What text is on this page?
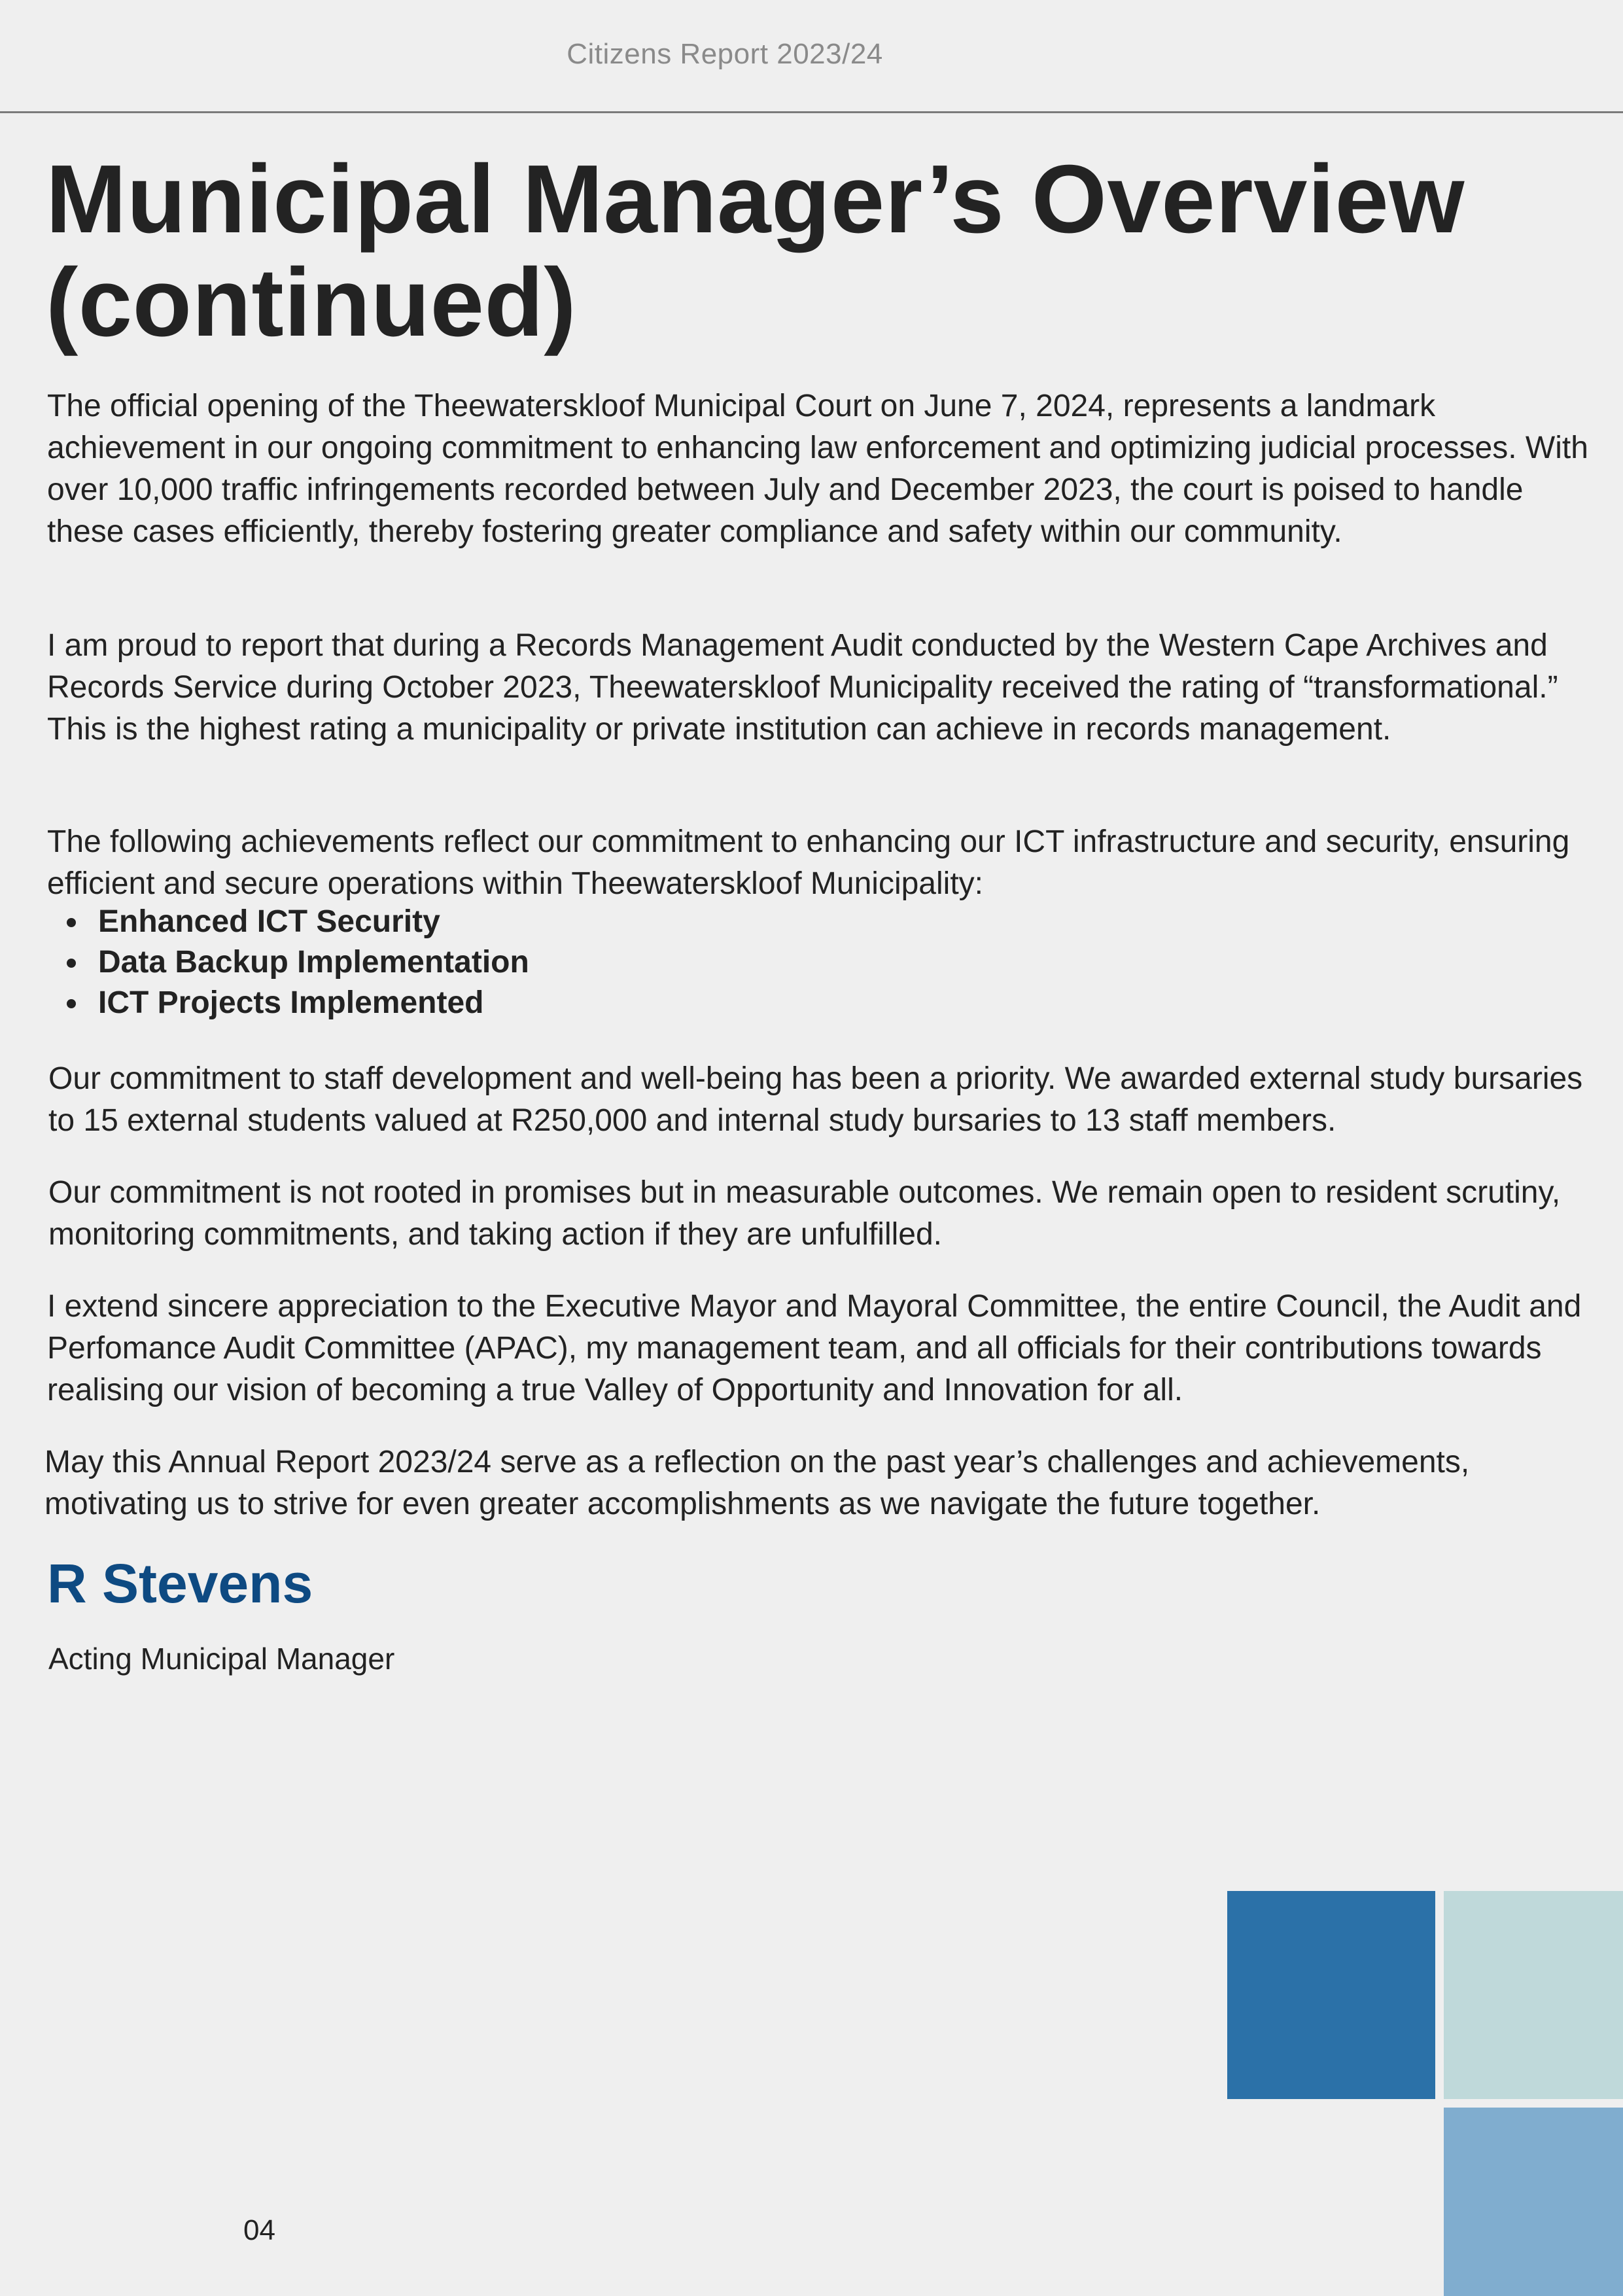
Citizens Report 2023/24
Municipal Manager’s Overview
(continued)

The official opening of the Theewaterskloof Municipal Court on June 7, 2024, represents a landmark achievement in our ongoing commitment to enhancing law enforcement and optimizing judicial processes. With over 10,000 traffic infringements recorded between July and December 2023, the court is poised to handle these cases efficiently, thereby fostering greater compliance and safety within our community.

I am proud to report that during a Records Management Audit conducted by the Western Cape Archives and Records Service during October 2023, Theewaterskloof Municipality received the rating of “transformational.” This is the highest rating a municipality or private institution can achieve in records management.

The following achievements reflect our commitment to enhancing our ICT infrastructure and security, ensuring efficient and secure operations within Theewaterskloof Municipality:

Enhanced ICT Security
Data Backup Implementation
ICT Projects Implemented

Our commitment to staff development and well-being has been a priority. We awarded external study bursaries to 15 external students valued at R250,000 and internal study bursaries to 13 staff members.

Our commitment is not rooted in promises but in measurable outcomes. We remain open to resident scrutiny, monitoring commitments, and taking action if they are unfulfilled.

I extend sincere appreciation to the Executive Mayor and Mayoral Committee, the entire Council, the Audit and Perfomance Audit Committee (APAC), my management team, and all officials for their contributions towards realising our vision of becoming a true Valley of Opportunity and Innovation for all.

May this Annual Report 2023/24 serve as a reflection on the past year’s challenges and achievements, motivating us to strive for even greater accomplishments as we navigate the future together.

R Stevens
Acting Municipal Manager
04
